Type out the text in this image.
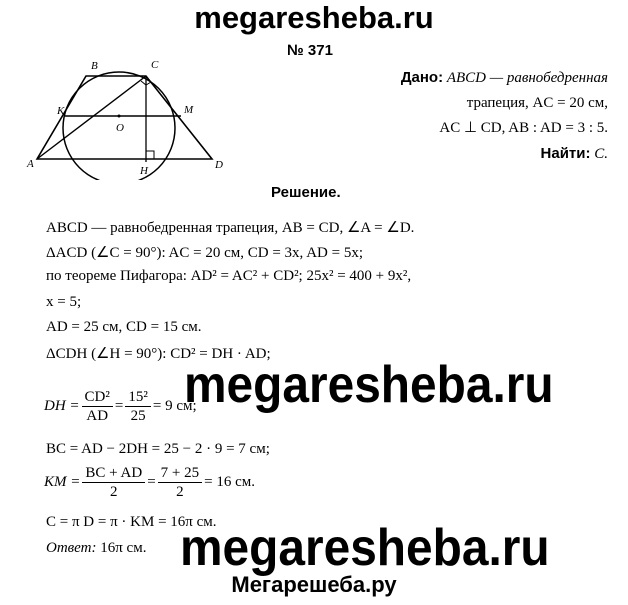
megaresheba.ru
№ 371
B	C
K
O
M
A
H	D
Дано: ABCD — равнобедренная
трапеция, AC = 20 см,
AC ⊥ CD, AB : AD = 3 : 5.
Найти: C.
Решение.
ABCD — равнобедренная трапеция, AB = CD, ∠A = ∠D.
ΔACD (∠C = 90°): AC = 20 см, CD = 3x, AD = 5x;
по теореме Пифагора: AD² = AC² + CD²; 25x² = 400 + 9x²,
x = 5;
AD = 25 см, CD = 15 см.
ΔCDH (∠H = 90°): CD² = DH · AD;
megaresheba.ru
DH = $\frac{\text{CD²}}{AD} = \frac{\text{15²}}{25} = 9$ см;
BC = AD − 2DH = 25 − 2 · 9 = 7 см;
KM = $\frac{BC + AD}{2} = \frac{7 + 25}{2} = 16$ см.
C = π D = π · KM = 16π см.
Ответ: 16π см. megaresheba.ru
Мегарешеба.ру
